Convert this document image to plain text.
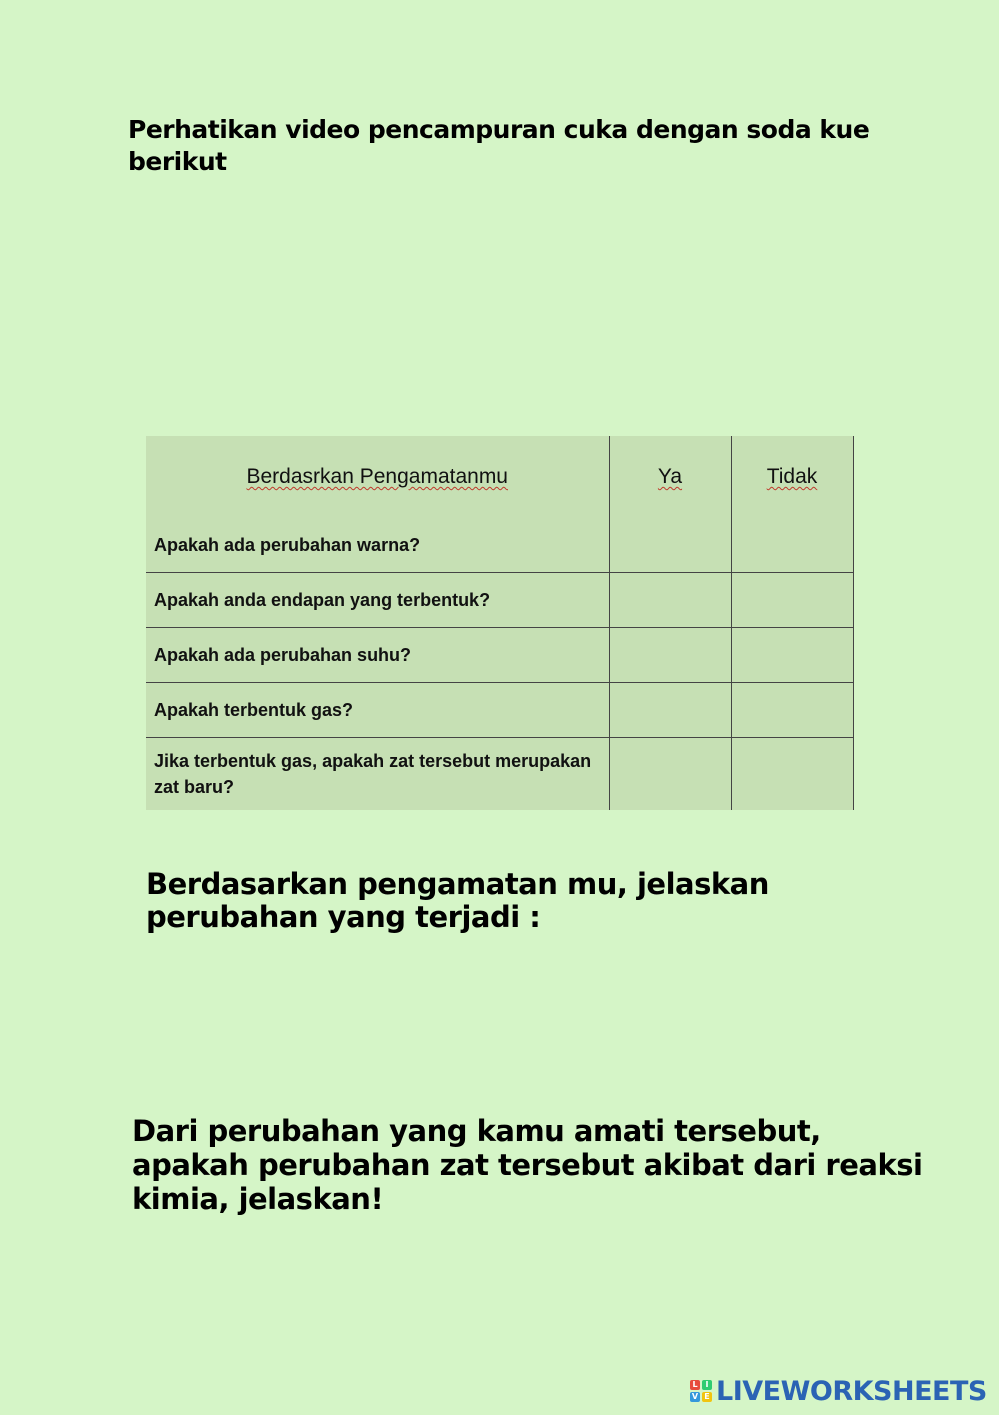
Perhatikan video pencampuran cuka dengan soda kue berikut
Berdasrkan Pengamatanmu	Ya	Tidak
Apakah ada perubahan warna?		
Apakah anda endapan yang terbentuk?		
Apakah ada perubahan suhu?		
Apakah terbentuk gas?		
Jika terbentuk gas, apakah zat tersebut merupakan zat baru?		
Berdasarkan pengamatan mu, jelaskan perubahan yang terjadi :
Dari perubahan yang kamu amati tersebut, apakah perubahan zat tersebut akibat dari reaksi kimia, jelaskan!
L I
V E LIVEWORKSHEETS
